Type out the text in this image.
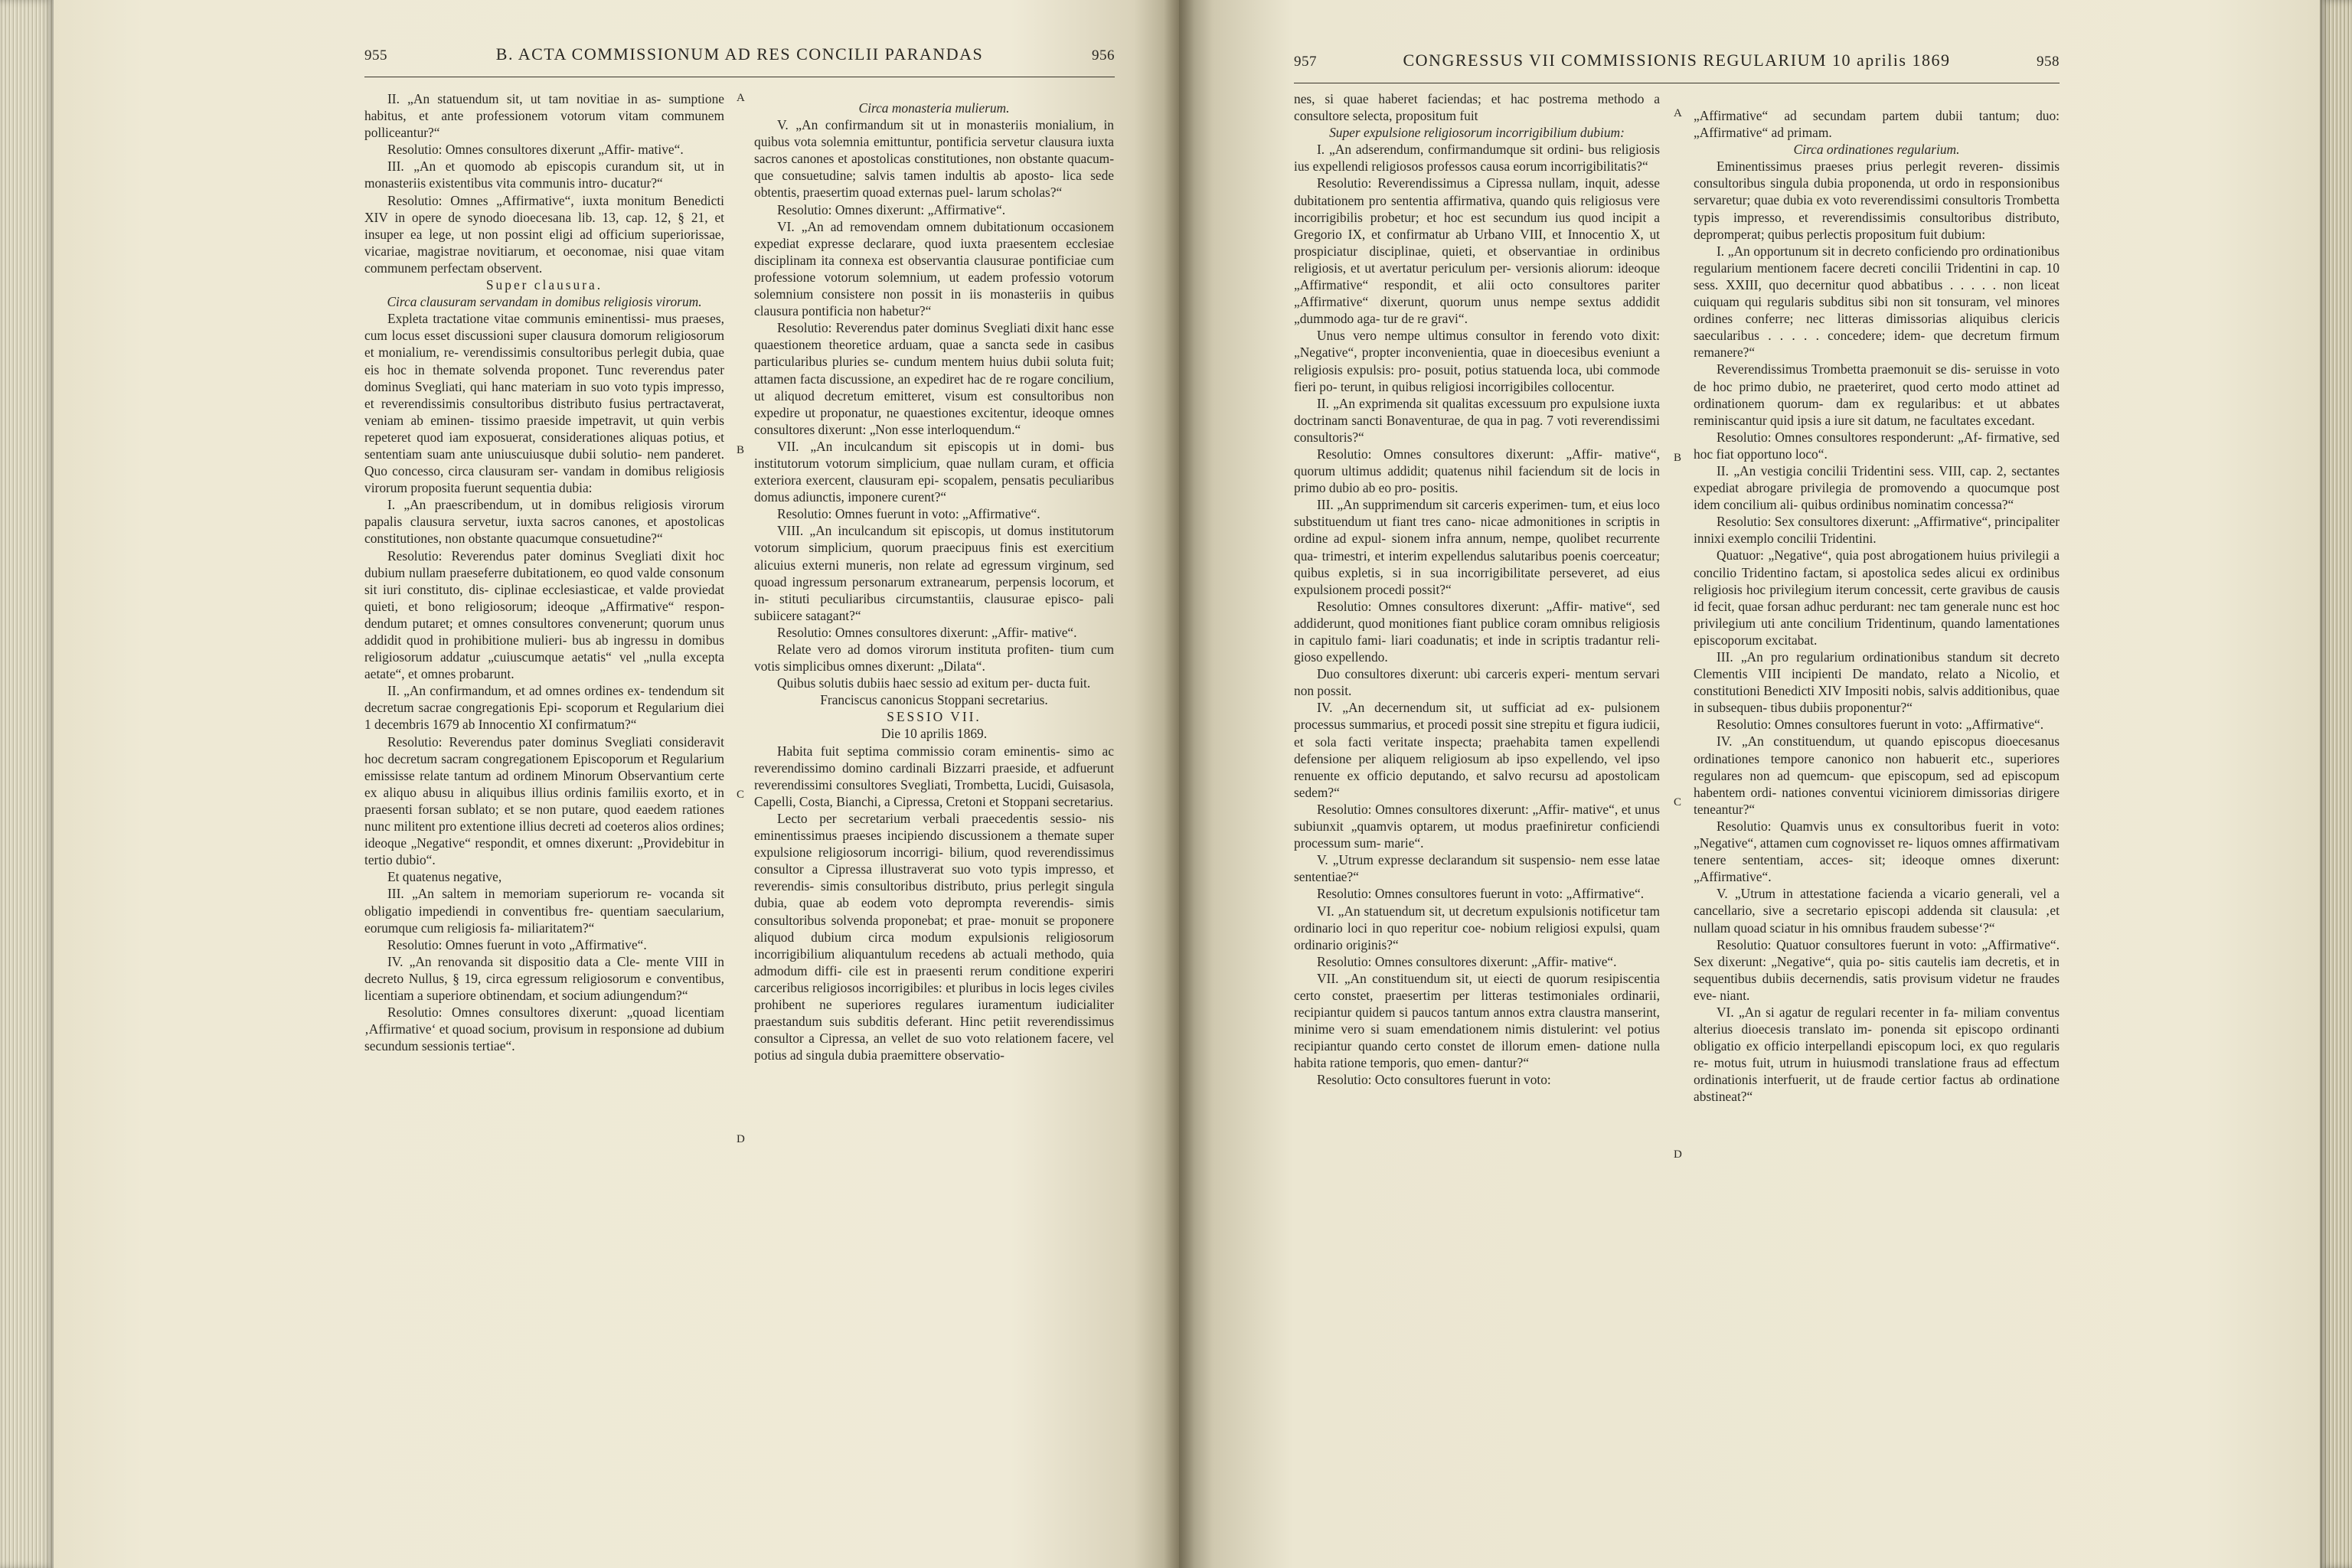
955	B. ACTA COMMISSIONUM AD RES CONCILII PARANDAS	956	957	CONGRESSUS VII COMMISSIONIS REGULARIUM 10 aprilis 1869	958

II. „An statuendum sit, ut tam novitiae in as- sumptione habitus, et ante professionem votorum vitam communem polliceantur?“

Resolutio: Omnes consultores dixerunt „Affir- mative“.

III. „An et quomodo ab episcopis curandum sit, ut in monasteriis existentibus vita communis intro- ducatur?“

Resolutio: Omnes „Affirmative“, iuxta monitum Benedicti XIV in opere de synodo dioecesana lib. 13, cap. 12, § 21, et insuper ea lege, ut non possint eligi ad officium superiorissae, vicariae, magistrae novitiarum, et oeconomae, nisi quae vitam communem perfectam observent.

Super clausura.

Circa clausuram servandam in domibus religiosis virorum.

Expleta tractatione vitae communis eminentissi- mus praeses, cum locus esset discussioni super clausura domorum religiosorum et monialium, re- verendissimis consultoribus perlegit dubia, quae eis hoc in themate solvenda proponet. Tunc reverendus pater dominus Svegliati, qui hanc materiam in suo voto typis impresso, et reverendissimis consultoribus distributo fusius pertractaverat, veniam ab eminen- tissimo praeside impetravit, ut quin verbis repeteret quod iam exposuerat, considerationes aliquas potius, et sententiam suam ante uniuscuiusque dubii solutio- nem panderet. Quo concesso, circa clausuram ser- vandam in domibus religiosis virorum proposita fuerunt sequentia dubia:

I. „An praescribendum, ut in domibus religiosis virorum papalis clausura servetur, iuxta sacros canones, et apostolicas constitutiones, non obstante quacumque consuetudine?“

Resolutio: Reverendus pater dominus Svegliati dixit hoc dubium nullam praeseferre dubitationem, eo quod valde consonum sit iuri constituto, dis- ciplinae ecclesiasticae, et valde proviedat quieti, et bono religiosorum; ideoque „Affirmative“ respon- dendum putaret; et omnes consultores convenerunt; quorum unus addidit quod in prohibitione mulieri- bus ab ingressu in domibus religiosorum addatur „cuiuscumque aetatis“ vel „nulla excepta aetate“, et omnes probarunt.

II. „An confirmandum, et ad omnes ordines ex- tendendum sit decretum sacrae congregationis Epi- scoporum et Regularium diei 1 decembris 1679 ab Innocentio XI confirmatum?“

Resolutio: Reverendus pater dominus Svegliati consideravit hoc decretum sacram congregationem Episcoporum et Regularium emississe relate tantum ad ordinem Minorum Observantium certe ex aliquo abusu in aliquibus illius ordinis familiis exorto, et in praesenti forsan sublato; et se non putare, quod eaedem rationes nunc militent pro extentione illius decreti ad coeteros alios ordines; ideoque „Negative“ respondit, et omnes dixerunt: „Providebitur in tertio dubio“.

Et quatenus negative,

III. „An saltem in memoriam superiorum re- vocanda sit obligatio impediendi in conventibus fre- quentiam saecularium, eorumque cum religiosis fa- miliaritatem?“

Resolutio: Omnes fuerunt in voto „Affirmative“.

IV. „An renovanda sit dispositio data a Cle- mente VIII in decreto Nullus, § 19, circa egressum religiosorum e conventibus, licentiam a superiore obtinendam, et socium adiungendum?“

Resolutio: Omnes consultores dixerunt: „quoad licentiam ‚Affirmative‘ et quoad socium, provisum in responsione ad dubium secundum sessionis tertiae“.

Circa monasteria mulierum.

V. „An confirmandum sit ut in monasteriis monialium, in quibus vota solemnia emittuntur, pontificia servetur clausura iuxta sacros canones et apostolicas constitutiones, non obstante quacum- que consuetudine; salvis tamen indultis ab aposto- lica sede obtentis, praesertim quoad externas puel- larum scholas?“

Resolutio: Omnes dixerunt: „Affirmative“.

VI. „An ad removendam omnem dubitationum occasionem expediat expresse declarare, quod iuxta praesentem ecclesiae disciplinam ita connexa est observantia clausurae pontificiae cum professione votorum solemnium, ut eadem professio votorum solemnium consistere non possit in iis monasteriis in quibus clausura pontificia non habetur?“

Resolutio: Reverendus pater dominus Svegliati dixit hanc esse quaestionem theoretice arduam, quae a sancta sede in casibus particularibus pluries se- cundum mentem huius dubii soluta fuit; attamen facta discussione, an expediret hac de re rogare concilium, ut aliquod decretum emitteret, visum est consultoribus non expedire ut proponatur, ne quaestiones excitentur, ideoque omnes consultores dixerunt: „Non esse interloquendum.“

VII. „An inculcandum sit episcopis ut in domi- bus institutorum votorum simplicium, quae nullam curam, et officia exteriora exercent, clausuram epi- scopalem, pensatis peculiaribus domus adiunctis, imponere curent?“

Resolutio: Omnes fuerunt in voto: „Affirmative“.

VIII. „An inculcandum sit episcopis, ut domus institutorum votorum simplicium, quorum praecipuus finis est exercitium alicuius externi muneris, non relate ad egressum virginum, sed quoad ingressum personarum extranearum, perpensis locorum, et in- stituti peculiaribus circumstantiis, clausurae episco- pali subiicere satagant?“

Resolutio: Omnes consultores dixerunt: „Affir- mative“.

Relate vero ad domos virorum instituta profiten- tium cum votis simplicibus omnes dixerunt: „Dilata“.

Quibus solutis dubiis haec sessio ad exitum per- ducta fuit.

Franciscus canonicus Stoppani secretarius.

SESSIO VII.

Die 10 aprilis 1869.

Habita fuit septima commissio coram eminentis- simo ac reverendissimo domino cardinali Bizzarri praeside, et adfuerunt reverendissimi consultores Svegliati, Trombetta, Lucidi, Guisasola, Capelli, Costa, Bianchi, a Cipressa, Cretoni et Stoppani secretarius.

Lecto per secretarium verbali praecedentis sessio- nis eminentissimus praeses incipiendo discussionem a themate super expulsione religiosorum incorrigi- bilium, quod reverendissimus consultor a Cipressa illustraverat suo voto typis impresso, et reverendis- simis consultoribus distributo, prius perlegit singula dubia, quae ab eodem voto deprompta reverendis- simis consultoribus solvenda proponebat; et prae- monuit se proponere aliquod dubium circa modum expulsionis religiosorum incorrigibilium aliquantulum recedens ab actuali methodo, quia admodum diffi- cile est in praesenti rerum conditione experiri carceribus religiosos incorrigibiles: et pluribus in locis leges civiles prohibent ne superiores regulares iuramentum iudicialiter praestandum suis subditis deferant. Hinc petiit reverendissimus consultor a Cipressa, an vellet de suo voto relationem facere, vel potius ad singula dubia praemittere observatio-

nes, si quae haberet faciendas; et hac postrema methodo a consultore selecta, propositum fuit

Super expulsione religiosorum incorrigibilium dubium:

I. „An adserendum, confirmandumque sit ordini- bus religiosis ius expellendi religiosos professos causa eorum incorrigibilitatis?“

Resolutio: Reverendissimus a Cipressa nullam, inquit, adesse dubitationem pro sententia affirmativa, quando quis religiosus vere incorrigibilis probetur; et hoc est secundum ius quod incipit a Gregorio IX, et confirmatur ab Urbano VIII, et Innocentio X, ut prospiciatur disciplinae, quieti, et observantiae in ordinibus religiosis, et ut avertatur periculum per- versionis aliorum: ideoque „Affirmative“ respondit, et alii octo consultores pariter „Affirmative“ dixerunt, quorum unus nempe sextus addidit „dummodo aga- tur de re gravi“.

Unus vero nempe ultimus consultor in ferendo voto dixit: „Negative“, propter inconvenientia, quae in dioecesibus eveniunt a religiosis expulsis: pro- posuit, potius statuenda loca, ubi commode fieri po- terunt, in quibus religiosi incorrigibiles collocentur.

II. „An exprimenda sit qualitas excessuum pro expulsione iuxta doctrinam sancti Bonaventurae, de qua in pag. 7 voti reverendissimi consultoris?“

Resolutio: Omnes consultores dixerunt: „Affir- mative“, quorum ultimus addidit; quatenus nihil faciendum sit de locis in primo dubio ab eo pro- positis.

III. „An supprimendum sit carceris experimen- tum, et eius loco substituendum ut fiant tres cano- nicae admonitiones in scriptis in ordine ad expul- sionem infra annum, nempe, quolibet recurrente qua- trimestri, et interim expellendus salutaribus poenis coerceatur; quibus expletis, si in sua incorrigibilitate perseveret, ad eius expulsionem procedi possit?“

Resolutio: Omnes consultores dixerunt: „Affir- mative“, sed addiderunt, quod monitiones fiant publice coram omnibus religiosis in capitulo fami- liari coadunatis; et inde in scriptis tradantur reli- gioso expellendo.

Duo consultores dixerunt: ubi carceris experi- mentum servari non possit.

IV. „An decernendum sit, ut sufficiat ad ex- pulsionem processus summarius, et procedi possit sine strepitu et figura iudicii, et sola facti veritate inspecta; praehabita tamen expellendi defensione per aliquem religiosum ab ipso expellendo, vel ipso renuente ex officio deputando, et salvo recursu ad apostolicam sedem?“

Resolutio: Omnes consultores dixerunt: „Affir- mative“, et unus subiunxit „quamvis optarem, ut modus praefiniretur conficiendi processum sum- marie“.

V. „Utrum expresse declarandum sit suspensio- nem esse latae sententiae?“

Resolutio: Omnes consultores fuerunt in voto: „Affirmative“.

VI. „An statuendum sit, ut decretum expulsionis notificetur tam ordinario loci in quo reperitur coe- nobium religiosi expulsi, quam ordinario originis?“

Resolutio: Omnes consultores dixerunt: „Affir- mative“.

VII. „An constituendum sit, ut eiecti de quorum resipiscentia certo constet, praesertim per litteras testimoniales ordinarii, recipiantur quidem si paucos tantum annos extra claustra manserint, minime vero si suam emendationem nimis distulerint: vel potius recipiantur quando certo constet de illorum emen- datione nulla habita ratione temporis, quo emen- dantur?“

Resolutio: Octo consultores fuerunt in voto:

„Affirmative“ ad secundam partem dubii tantum; duo: „Affirmative“ ad primam.

Circa ordinationes regularium.

Eminentissimus praeses prius perlegit reveren- dissimis consultoribus singula dubia proponenda, ut ordo in responsionibus servaretur; quae dubia ex voto reverendissimi consultoris Trombetta typis impresso, et reverendissimis consultoribus distributo, depromperat; quibus perlectis propositum fuit dubium:

I. „An opportunum sit in decreto conficiendo pro ordinationibus regularium mentionem facere decreti concilii Tridentini in cap. 10 sess. XXIII, quo decernitur quod abbatibus . . . . . non liceat cuiquam qui regularis subditus sibi non sit tonsuram, vel minores ordines conferre; nec litteras dimissorias aliquibus clericis saecularibus . . . . . concedere; idem- que decretum firmum remanere?“

Reverendissimus Trombetta praemonuit se dis- seruisse in voto de hoc primo dubio, ne praeteriret, quod certo modo attinet ad ordinationem quorum- dam ex regularibus: et ut abbates reminiscantur quid ipsis a iure sit datum, ne facultates excedant.

Resolutio: Omnes consultores responderunt: „Af- firmative, sed hoc fiat opportuno loco“.

II. „An vestigia concilii Tridentini sess. VIII, cap. 2, sectantes expediat abrogare privilegia de promovendo a quocumque post idem concilium ali- quibus ordinibus nominatim concessa?“

Resolutio: Sex consultores dixerunt: „Affirmative“, principaliter innixi exemplo concilii Tridentini.

Quatuor: „Negative“, quia post abrogationem huius privilegii a concilio Tridentino factam, si apostolica sedes alicui ex ordinibus religiosis hoc privilegium iterum concessit, certe gravibus de causis id fecit, quae forsan adhuc perdurant: nec tam generale nunc est hoc privilegium uti ante concilium Tridentinum, quando lamentationes episcoporum excitabat.

III. „An pro regularium ordinationibus standum sit decreto Clementis VIII incipienti De mandato, relato a Nicolio, et constitutioni Benedicti XIV Impositi nobis, salvis additionibus, quae in subsequen- tibus dubiis proponentur?“

Resolutio: Omnes consultores fuerunt in voto: „Affirmative“.

IV. „An constituendum, ut quando episcopus dioecesanus ordinationes tempore canonico non habuerit etc., superiores regulares non ad quemcum- que episcopum, sed ad episcopum habentem ordi- nationes conventui viciniorem dimissorias dirigere teneantur?“

Resolutio: Quamvis unus ex consultoribus fuerit in voto: „Negative“, attamen cum cognovisset re- liquos omnes affirmativam tenere sententiam, acces- sit; ideoque omnes dixerunt: „Affirmative“.

V. „Utrum in attestatione facienda a vicario generali, vel a cancellario, sive a secretario episcopi addenda sit clausula: ‚et nullam quoad sciatur in his omnibus fraudem subesse‘?“

Resolutio: Quatuor consultores fuerunt in voto: „Affirmative“. Sex dixerunt: „Negative“, quia po- sitis cautelis iam decretis, et in sequentibus dubiis decernendis, satis provisum videtur ne fraudes eve- niant.

VI. „An si agatur de regulari recenter in fa- miliam conventus alterius dioecesis translato im- ponenda sit episcopo ordinanti obligatio ex officio interpellandi episcopum loci, ex quo regularis re- motus fuit, utrum in huiusmodi translatione fraus ad effectum ordinationis interfuerit, ut de fraude certior factus ab ordinatione abstineat?“

A
B
C
D
A
B
C
D
